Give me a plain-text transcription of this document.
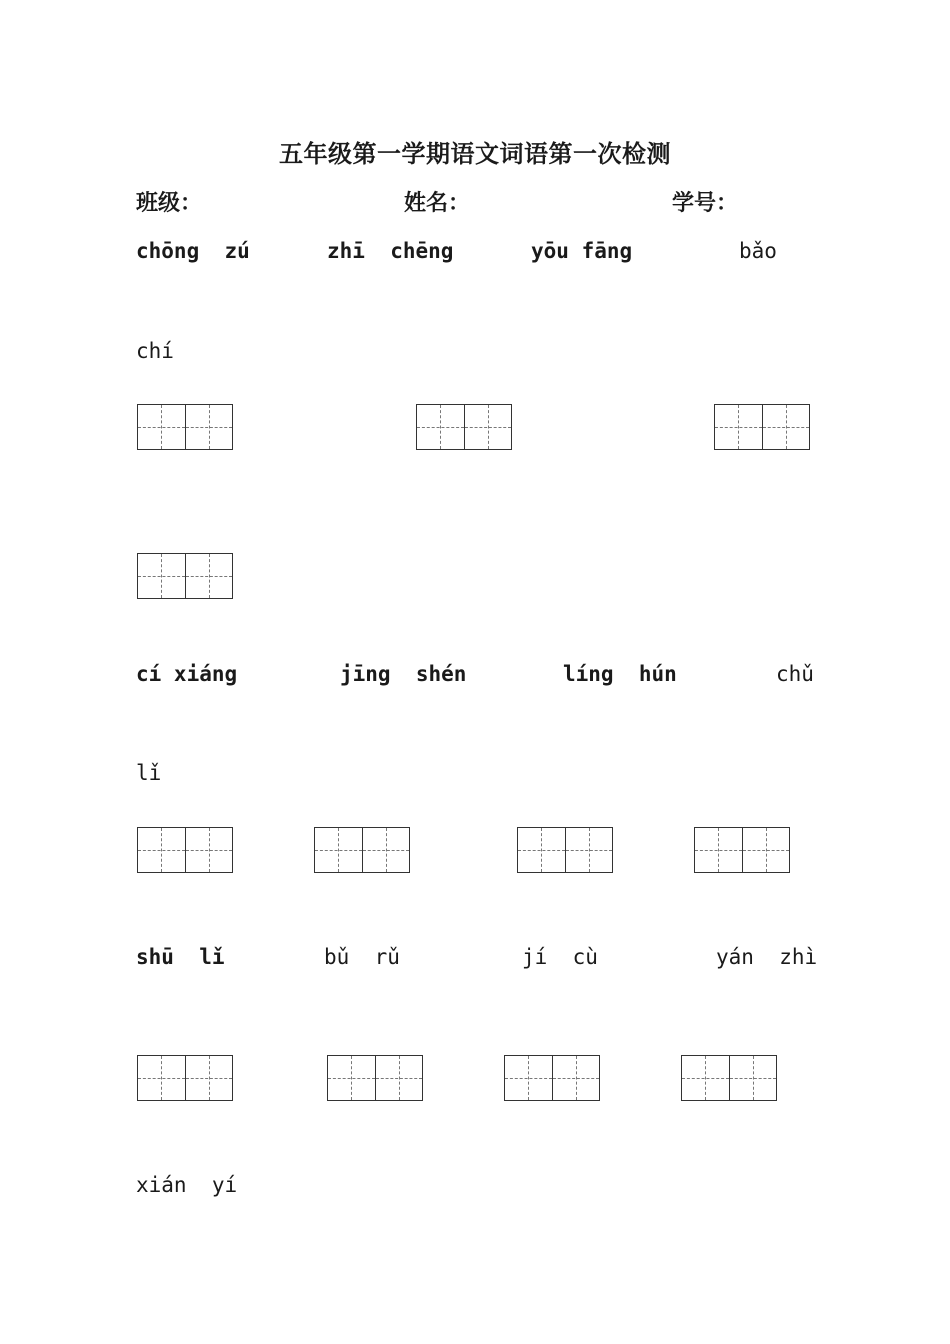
五年级第一学期语文词语第一次检测
班级：	姓名：	学号：
chōng  zú	zhī  chēng	yōu fāng	bǎo
chí
cí xiáng	jīng  shén	líng  hún	chǔ
lǐ
shū  lǐ	bǔ  rǔ	jí  cù	yán  zhì
xián  yí
